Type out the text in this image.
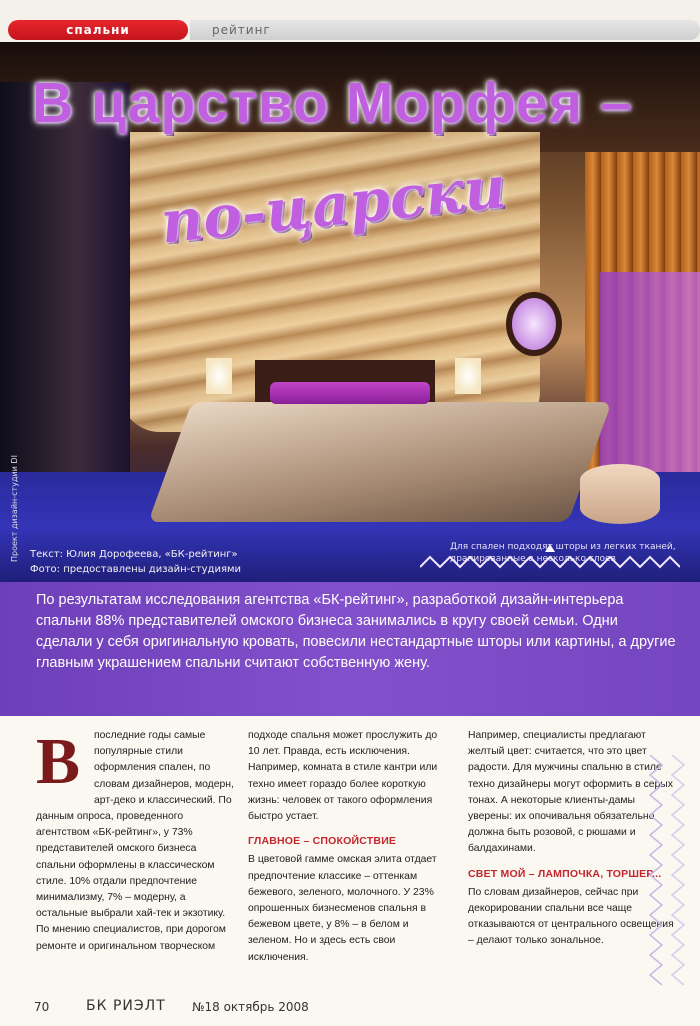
спальни	рейтинг
Проект дизайн-студии DI
В царство Морфея –
по-царски
Текст: Юлия Дорофеева, «БК-рейтинг»
Фото: предоставлены дизайн-студиями
Для спален подходят шторы из легких тканей, драпированные в несколько слоев
По результатам исследования агентства «БК-рейтинг», разработкой дизайн-интерьера спальни 88% представителей омского бизнеса занимались в кругу своей семьи. Одни сделали у себя оригинальную кровать, повесили нестандартные шторы или картины, а другие главным украшением спальни считают собственную жену.
В	последние годы самые популярные стили оформления спален, по словам дизайнеров, модерн, арт-деко и классический. По данным опроса, проведенного агентством «БК-рейтинг», у 73% представителей омского бизнеса спальни оформлены в классическом стиле. 10% отдали предпочтение минимализму, 7% – модерну, а остальные выбрали хай-тек и экзотику.

По мнению специалистов, при дорогом ремонте и оригинальном творческом

подходе спальня может прослужить до 10 лет. Правда, есть исключения. Например, комната в стиле кантри или техно имеет гораздо более короткую жизнь: человек от такого оформления быстро устает.

ГЛАВНОЕ – СПОКОЙСТВИЕ

В цветовой гамме омская элита отдает предпочтение классике – оттенкам бежевого, зеленого, молочного. У 23% опрошенных бизнесменов спальня в бежевом цвете, у 8% – в белом и зеленом. Но и здесь есть свои исключения.

Например, специалисты предлагают желтый цвет: считается, что это цвет радости. Для мужчины спальню в стиле техно дизайнеры могут оформить в серых тонах. А некоторые клиенты-дамы уверены: их опочивальня обязательно должна быть розовой, с рюшами и балдахинами.

СВЕТ МОЙ – ЛАМПОЧКА, ТОРШЕР...

По словам дизайнеров, сейчас при декорировании спальни все чаще отказываются от центрального освещения – делают только зональное.

70	БК РИЭЛТ №18 октябрь 2008
